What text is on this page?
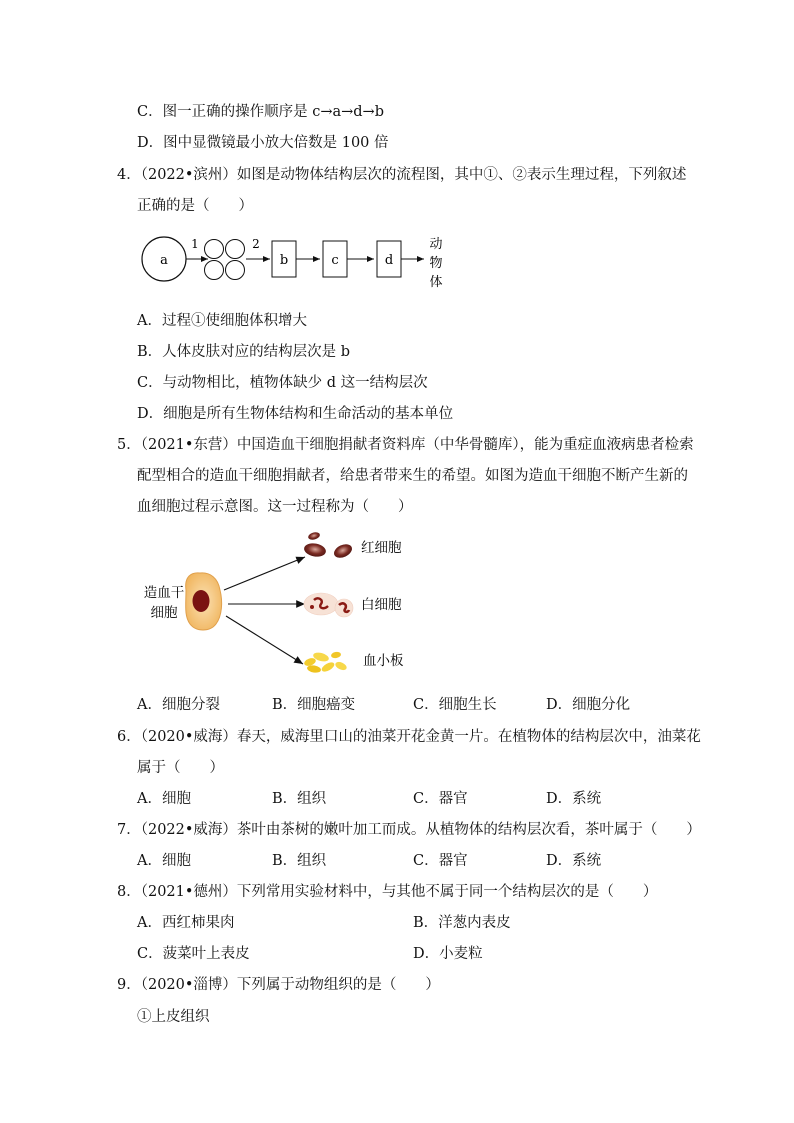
C．图一正确的操作顺序是 c→a→d→b
D．图中显微镜最小放大倍数是 100 倍
4．（2022•滨州）如图是动物体结构层次的流程图，其中①、②表示生理过程，下列叙述
正确的是（　　）
a
1	2
b	c	d
动
物
体
A．过程①使细胞体积增大
B．人体皮肤对应的结构层次是 b
C．与动物相比，植物体缺少 d 这一结构层次
D．细胞是所有生物体结构和生命活动的基本单位
5．（2021•东营）中国造血干细胞捐献者资料库（中华骨髓库），能为重症血液病患者检索
配型相合的造血干细胞捐献者，给患者带来生的希望。如图为造血干细胞不断产生新的
血细胞过程示意图。这一过程称为（　　）
造血干
细胞
红细胞
白细胞
血小板
A．细胞分裂	B．细胞癌变	C．细胞生长	D．细胞分化
6．（2020•威海）春天，威海里口山的油菜开花金黄一片。在植物体的结构层次中，油菜花
属于（　　）
A．细胞	B．组织	C．器官	D．系统
7．（2022•威海）茶叶由茶树的嫩叶加工而成。从植物体的结构层次看，茶叶属于（　　）
A．细胞	B．组织	C．器官	D．系统
8．（2021•德州）下列常用实验材料中，与其他不属于同一个结构层次的是（　　）
A．西红柿果肉	B．洋葱内表皮
C．菠菜叶上表皮	D．小麦粒
9．（2020•淄博）下列属于动物组织的是（　　）
①上皮组织
